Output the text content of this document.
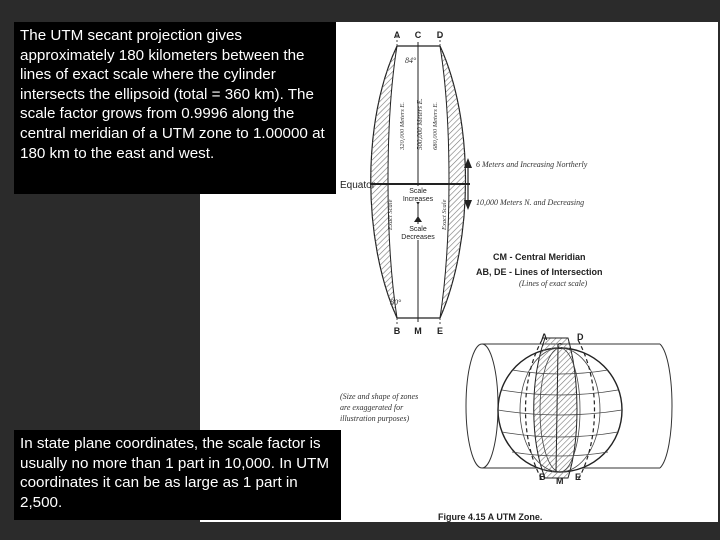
A C D
B M E
84°
80°
Equator
500,000 Meters E.
320,000 Meters E.	680,000 Meters E.
Exact Scale	Exact Scale
Scale
Increases
Scale
Decreases
6 Meters and Increasing Northerly
10,000 Meters N. and Decreasing
CM - Central Meridian
AB, DE - Lines of Intersection
(Lines of exact scale)
(Size and shape of zones
are exaggerated for
illustration purposes)
A
C
D
B M E
Figure 4.15 A UTM Zone.
The UTM secant projection gives approximately 180 kilometers between the lines of exact scale where the cylinder intersects the ellipsoid (total = 360 km). The scale factor grows from 0.9996 along the central meridian of a UTM zone to 1.00000 at 180 km to the east and west.
In state plane coordinates, the scale factor is usually no more than 1 part in 10,000. In UTM coordinates it can be as large as 1 part in 2,500.
